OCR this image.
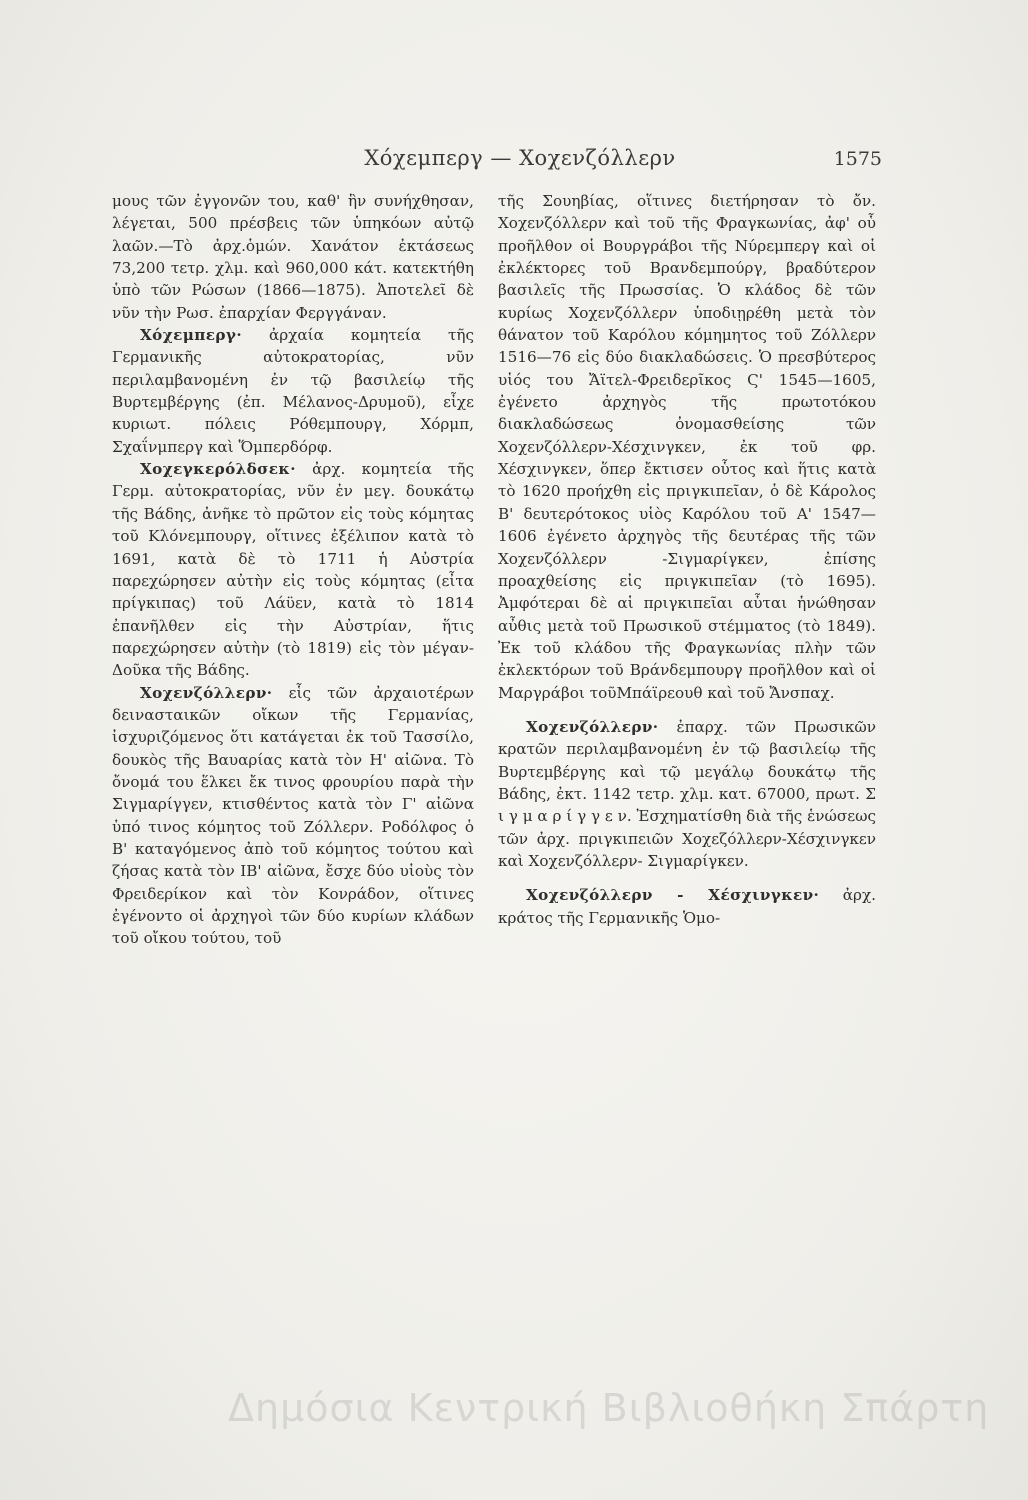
Χόχεμπεργ — Χοχενζόλλερν	1575

μους τῶν ἐγγονῶν του, καθ' ἣν συνήχθησαν, λέγεται, 500 πρέσβεις τῶν ὑπηκόων αὐτῷ λαῶν.—Τὸ ἀρχ.ὁμών. Χανάτον ἐκτάσεως 73,200 τετρ. χλμ. καὶ 960,000 κάτ. κατεκτήθη ὑπὸ τῶν Ρώσων (1866—1875). Ἀποτελεῖ δὲ νῦν τὴν Ρωσ. ἐπαρχίαν Φεργγάναν.

Χόχεμπεργ· ἀρχαία κομητεία τῆς Γερμανικῆς αὐτοκρατορίας, νῦν περιλαμβανομένη ἐν τῷ βασιλείῳ τῆς Βυρτεμβέργης (ἐπ. Μέλανος-Δρυμοῦ), εἶχε κυριωτ. πόλεις Ρόθεμπουργ, Χόρμπ, Σχαΐνμπεργ καὶ Ὅμπερδόρφ.

Χοχεγκερόλδσεκ· ἀρχ. κομητεία τῆς Γερμ. αὐτοκρατορίας, νῦν ἐν μεγ. δουκάτῳ τῆς Βάδης, ἀνῆκε τὸ πρῶτον εἰς τοὺς κόμητας τοῦ Κλόνεμπουργ, οἵτινες ἐξέλιπον κατὰ τὸ 1691, κατὰ δὲ τὸ 1711 ἡ Αὐστρία παρεχώρησεν αὐτὴν εἰς τοὺς κόμητας (εἶτα πρίγκιπας) τοῦ Λάϋεν, κατὰ τὸ 1814 ἐπανῆλθεν εἰς τὴν Αὐστρίαν, ἥτις παρεχώρησεν αὐτὴν (τὸ 1819) εἰς τὸν μέγαν-Δοῦκα τῆς Βάδης.

Χοχενζόλλερν· εἷς τῶν ἀρχαιοτέρων δεινασταικῶν οἴκων τῆς Γερμανίας, ἰσχυριζόμενος ὅτι κατάγεται ἐκ τοῦ Τασσίλο, δουκὸς τῆς Βαυαρίας κατὰ τὸν Η' αἰῶνα. Τὸ ὄνομά του ἕλκει ἔκ τινος φρουρίου παρὰ τὴν Σιγμαρίγγεν, κτισθέντος κατὰ τὸν Γ' αἰῶνα ὑπό τινος κόμητος τοῦ Ζόλλερν. Ροδόλφος ὁ Β' καταγόμενος ἀπὸ τοῦ κόμητος τούτου καὶ ζήσας κατὰ τὸν ΙΒ' αἰῶνα, ἔσχε δύο υἱοὺς τὸν Φρειδερίκον καὶ τὸν Κονράδον, οἵτινες ἐγένοντο οἱ ἀρχηγοὶ τῶν δύο κυρίων κλάδων τοῦ οἴκου τούτου, τοῦ

τῆς Σουηβίας, οἵτινες διετήρησαν τὸ ὄν. Χοχενζόλλερν καὶ τοῦ τῆς Φραγκωνίας, ἀφ' οὗ προῆλθον οἱ Βουργράβοι τῆς Νύρεμπεργ καὶ οἱ ἐκλέκτορες τοῦ Βρανδεμπούργ, βραδύτερον βασιλεῖς τῆς Πρωσσίας. Ὁ κλάδος δὲ τῶν κυρίως Χοχενζόλλερν ὑποδιῃρέθη μετὰ τὸν θάνατον τοῦ Καρόλου κόμημητος τοῦ Ζόλλερν 1516—76 εἰς δύο διακλαδώσεις. Ὁ πρεσβύτερος υἱός του Ἄϊτελ-Φρειδερῖκος Ϛ' 1545—1605, ἐγένετο ἀρχηγὸς τῆς πρωτοτόκου διακλαδώσεως ὀνομασθείσης τῶν Χοχενζόλλερν-Χέσχινγκεν, ἐκ τοῦ φρ. Χέσχινγκεν, ὅπερ ἔκτισεν οὗτος καὶ ἥτις κατὰ τὸ 1620 προήχθη εἰς πριγκιπεῖαν, ὁ δὲ Κάρολος Β' δευτερότοκος υἱὸς Καρόλου τοῦ Α' 1547—1606 ἐγένετο ἀρχηγὸς τῆς δευτέρας τῆς τῶν Χοχενζόλλερν -Σιγμαρίγκεν, ἐπίσης προαχθείσης εἰς πριγκιπεῖαν (τὸ 1695). Ἀμφότεραι δὲ αἱ πριγκιπεῖαι αὗται ἡνώθησαν αὖθις μετὰ τοῦ Πρωσικοῦ στέμματος (τὸ 1849). Ἐκ τοῦ κλάδου τῆς Φραγκωνίας πλὴν τῶν ἐκλεκτόρων τοῦ Βράνδεμπουργ προῆλθον καὶ οἱ Μαργράβοι τοῦΜπάϊρεουθ καὶ τοῦ Ἄνσπαχ.

Χοχενζόλλερν· ἐπαρχ. τῶν Πρωσικῶν κρατῶν περιλαμβανομένη ἐν τῷ βασιλείῳ τῆς Βυρτεμβέργης καὶ τῷ μεγάλῳ δουκάτῳ τῆς Βάδης, ἐκτ. 1142 τετρ. χλμ. κατ. 67000, πρωτ. Σ ι γ μ α ρ ί γ γ ε ν. Ἐσχηματίσθη διὰ τῆς ἑνώσεως τῶν ἀρχ. πριγκιπειῶν Χοχεζόλλερν-Χέσχινγκεν καὶ Χοχενζόλλερν- Σιγμαρίγκεν.

Χοχενζόλλερν - Χέσχινγκεν· ἀρχ. κράτος τῆς Γερμανικῆς Ὁμο-

Δημόσια Κεντρική Βιβλιοθήκη Σπάρτη
